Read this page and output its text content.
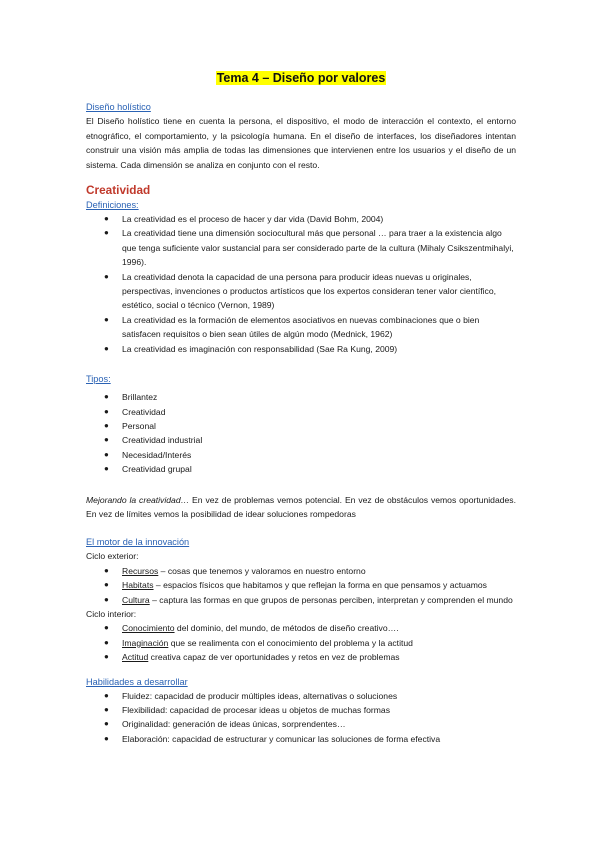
Tema 4 – Diseño por valores
Diseño holístico

El Diseño holístico tiene en cuenta la persona, el dispositivo, el modo de interacción el contexto, el entorno etnográfico, el comportamiento, y la psicología humana. En el diseño de interfaces, los diseñadores intentan construir una visión más amplia de todas las dimensiones que intervienen entre los usuarios y el diseño de un sistema. Cada dimensión se analiza en conjunto con el resto.

Creatividad
Definiciones:
● La creatividad es el proceso de hacer y dar vida (David Bohm, 2004)
● La creatividad tiene una dimensión sociocultural más que personal … para traer a la existencia algo que tenga suficiente valor sustancial para ser considerado parte de la cultura (Mihaly Csikszentmihalyi, 1996).
● La creatividad denota la capacidad de una persona para producir ideas nuevas u originales, perspectivas, invenciones o productos artísticos que los expertos consideran tener valor científico, estético, social o técnico (Vernon, 1989)
● La creatividad es la formación de elementos asociativos en nuevas combinaciones que o bien satisfacen requisitos o bien sean útiles de algún modo (Mednick, 1962)
● La creatividad es imaginación con responsabilidad (Sae Ra Kung, 2009)
Tipos:
● Brillantez
● Creatividad
● Personal
● Creatividad industrial
● Necesidad/Interés
● Creatividad grupal

Mejorando la creatividad… En vez de problemas vemos potencial. En vez de obstáculos vemos oportunidades. En vez de límites vemos la posibilidad de idear soluciones rompedoras

El motor de la innovación
Ciclo exterior:
● Recursos – cosas que tenemos y valoramos en nuestro entorno
● Habitats – espacios físicos que habitamos y que reflejan la forma en que pensamos y actuamos
● Cultura – captura las formas en que grupos de personas perciben, interpretan y comprenden el mundo
Ciclo interior:
● Conocimiento del dominio, del mundo, de métodos de diseño creativo….
● Imaginación que se realimenta con el conocimiento del problema y la actitud
● Actitud creativa capaz de ver oportunidades y retos en vez de problemas
Habilidades a desarrollar
● Fluidez: capacidad de producir múltiples ideas, alternativas o soluciones
● Flexibilidad: capacidad de procesar ideas u objetos de muchas formas
● Originalidad: generación de ideas únicas, sorprendentes…
● Elaboración: capacidad de estructurar y comunicar las soluciones de forma efectiva
